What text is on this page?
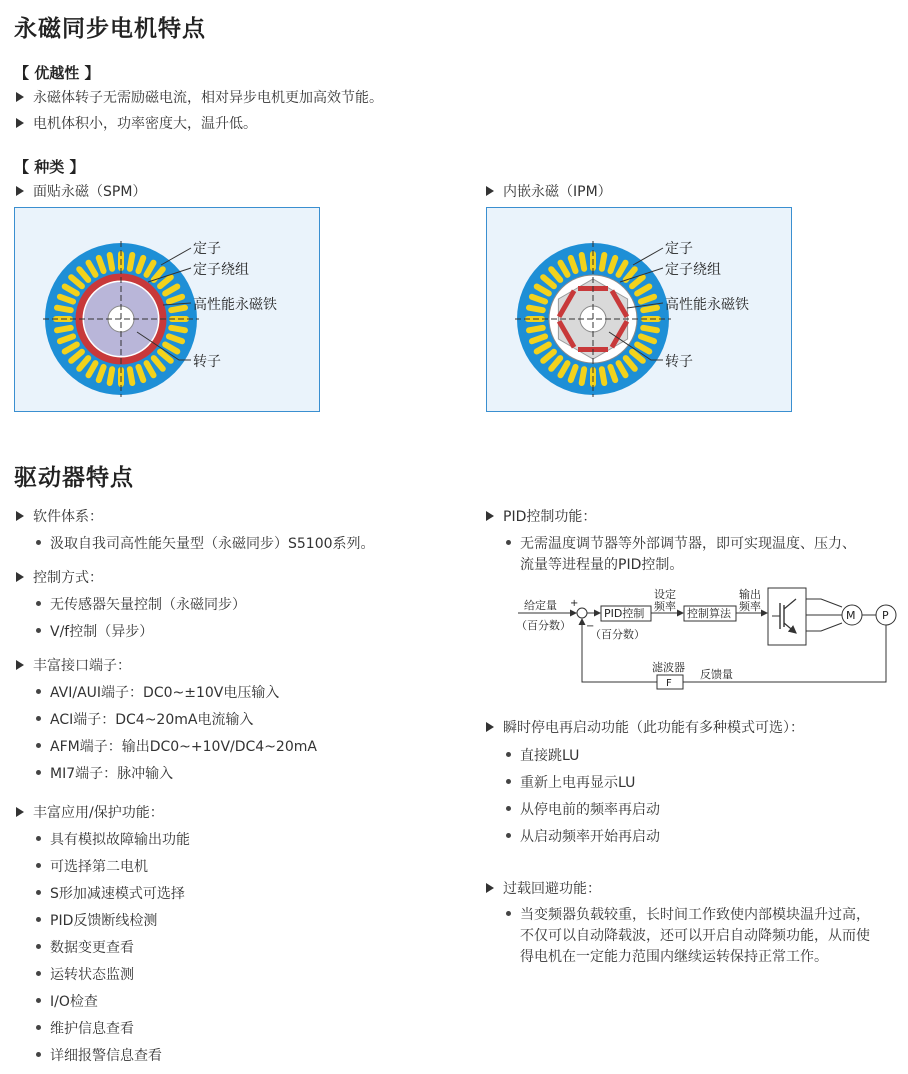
永磁同步电机特点
【 优越性 】
永磁体转子无需励磁电流，相对异步电机更加高效节能。
电机体积小，功率密度大，温升低。
【 种类 】
面贴永磁（SPM）	内嵌永磁（IPM）
定子
定子绕组
高性能永磁铁
转子
定子
定子绕组
高性能永磁铁
转子
驱动器特点
软件体系：
汲取自我司高性能矢量型（永磁同步）S5100系列。
控制方式：
无传感器矢量控制（永磁同步）
V/f控制（异步）
丰富接口端子：
AVI/AUI端子：DC0~±10V电压输入
ACI端子：DC4~20mA电流输入
AFM端子：输出DC0~+10V/DC4~20mA
MI7端子：脉冲输入
丰富应用/保护功能：
具有模拟故障输出功能
可选择第二电机
S形加减速模式可选择
PID反馈断线检测
数据变更查看
运转状态监测
I/O检查
维护信息查看
详细报警信息查看
PID控制功能：
无需温度调节器等外部调节器，即可实现温度、压力、
流量等进程量的PID控制。
给定量
（百分数）
+
−
PID控制
（百分数）
设定
频率
控制算法
输出
频率
M P
F
滤波器
反馈量
瞬时停电再启动功能（此功能有多种模式可选）：
直接跳LU
重新上电再显示LU
从停电前的频率再启动
从启动频率开始再启动
过载回避功能：
当变频器负载较重，长时间工作致使内部模块温升过高，
不仅可以自动降载波，还可以开启自动降频功能，从而使
得电机在一定能力范围内继续运转保持正常工作。
